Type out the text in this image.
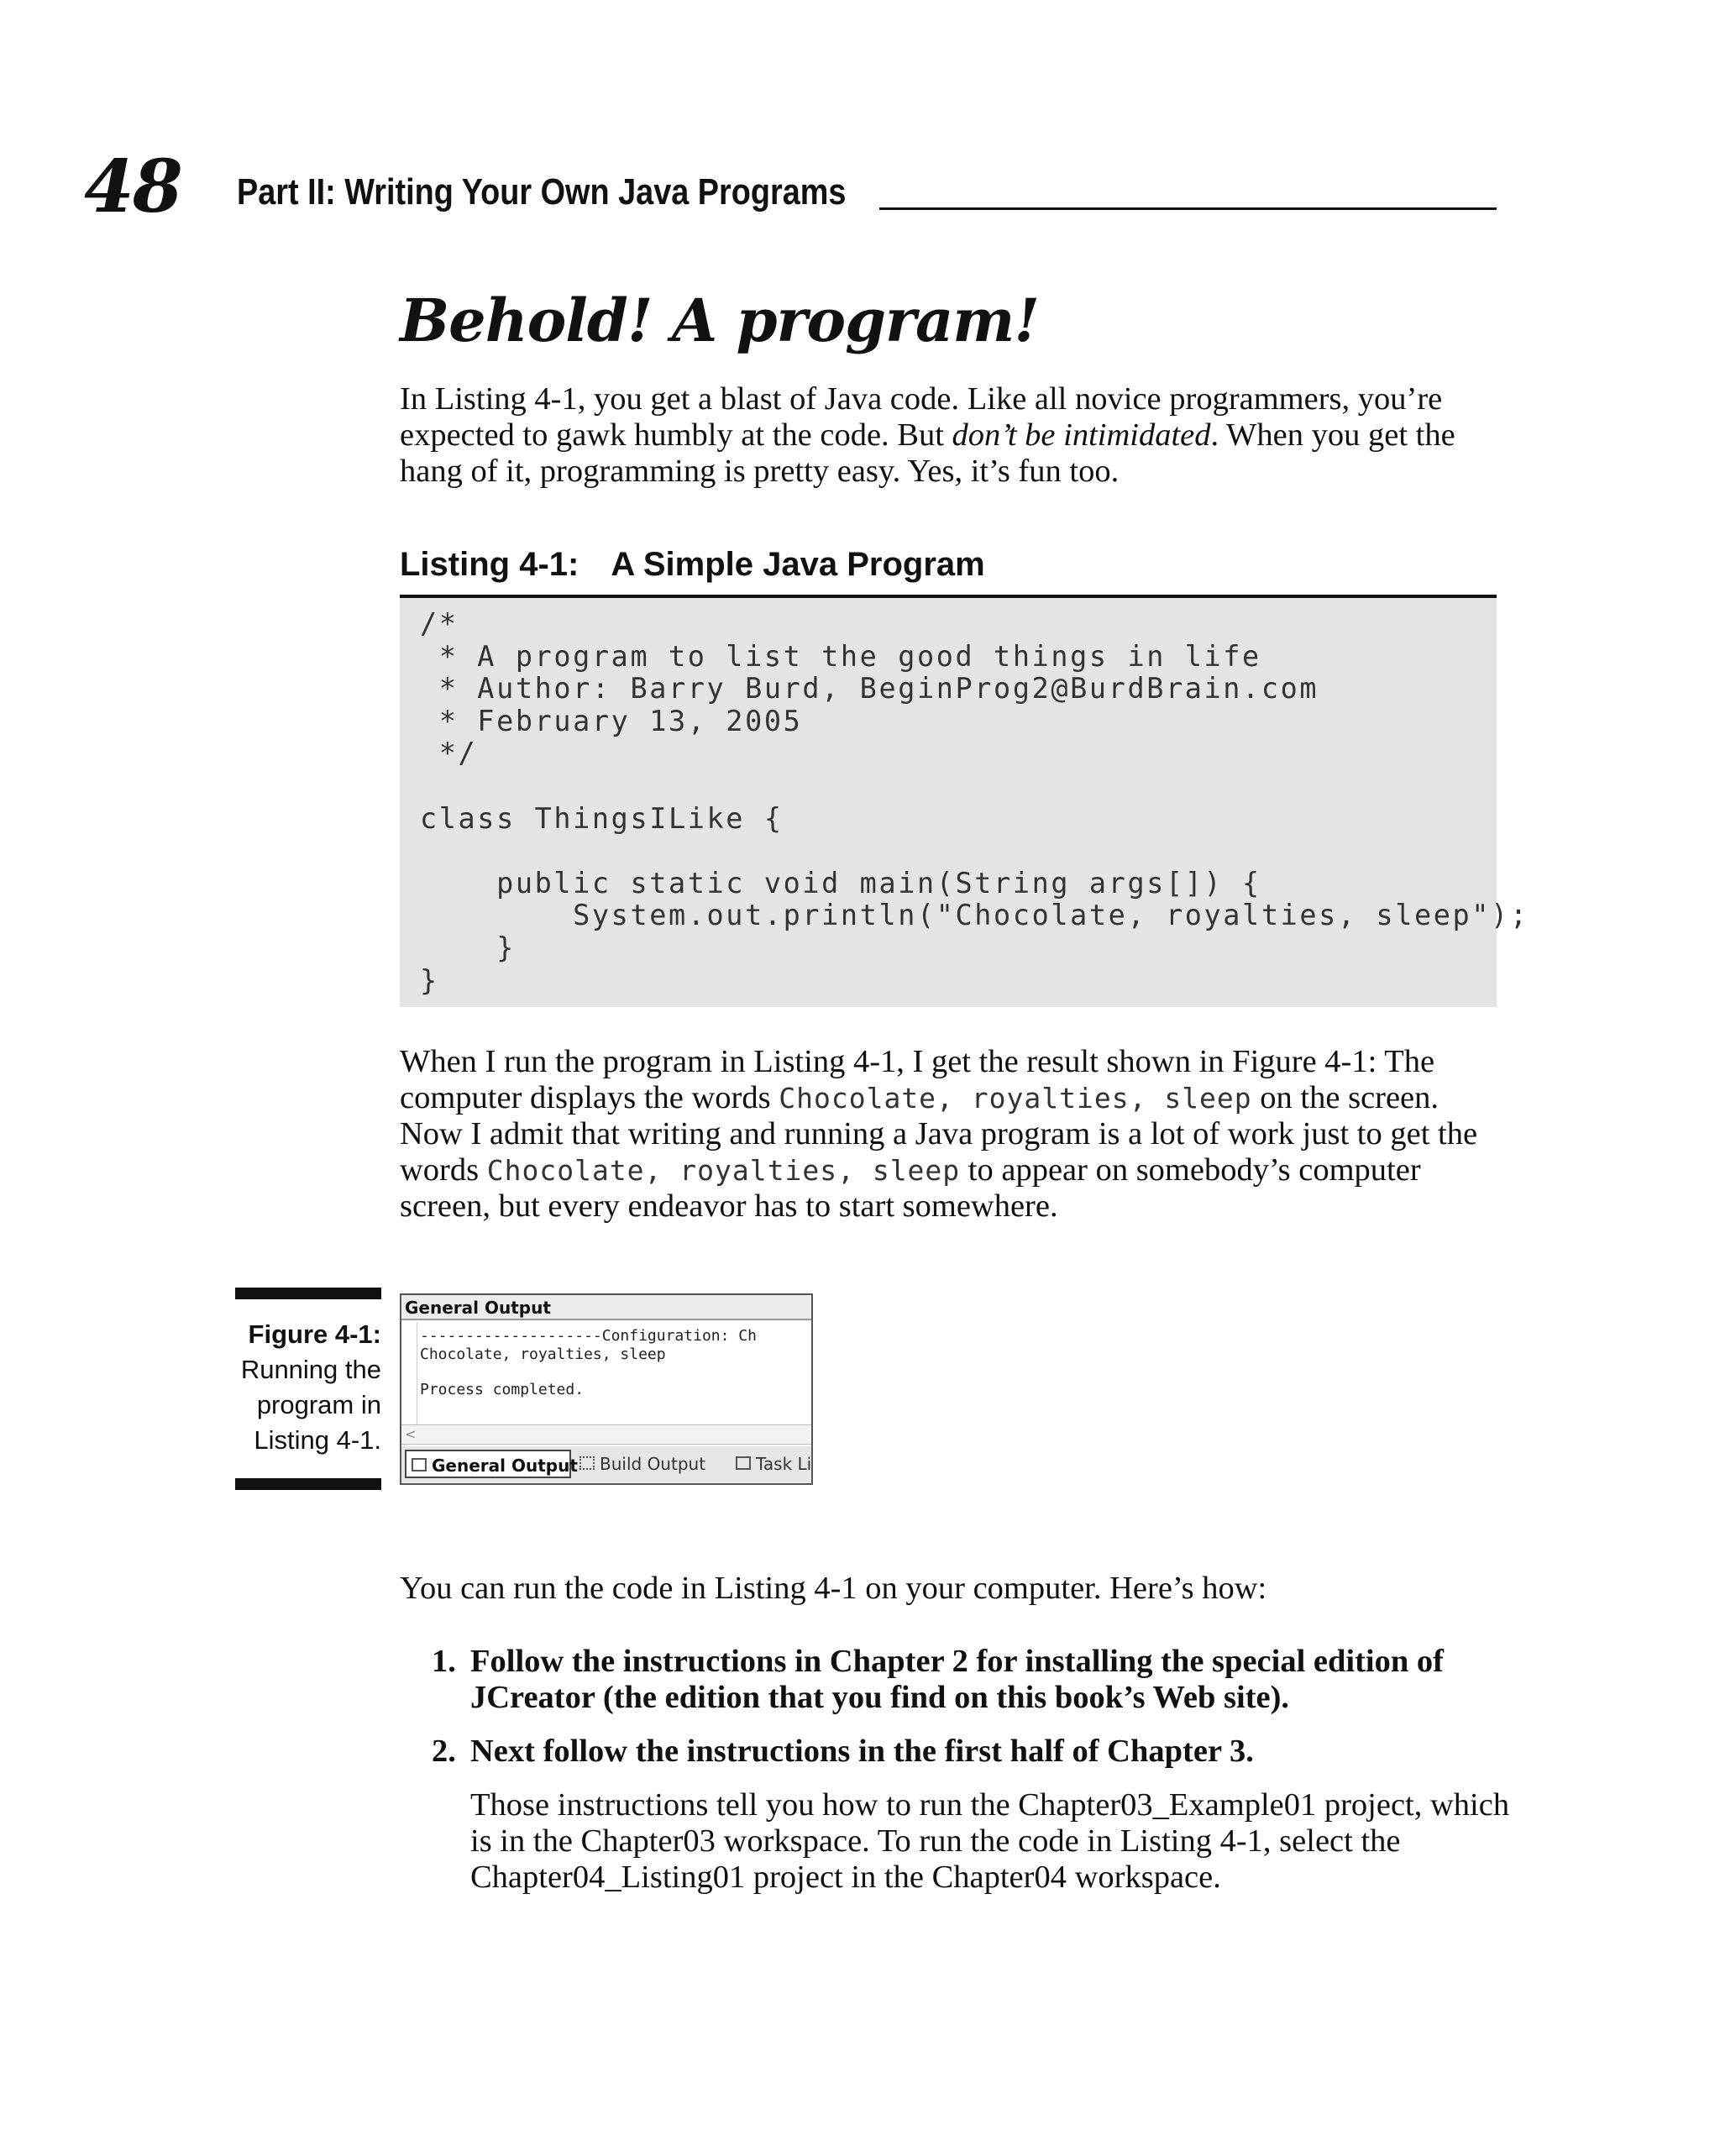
48 Part II: Writing Your Own Java Programs
Behold! A program!

In Listing 4-1, you get a blast of Java code. Like all novice programmers, you’re expected to gawk humbly at the code. But don’t be intimidated. When you get the hang of it, programming is pretty easy. Yes, it’s fun too.

Listing 4-1: A Simple Java Program
/*
* A program to list the good things in life
* Author: Barry Burd, BeginProg2@BurdBrain.com
* February 13, 2005
*/

class ThingsILike {

public static void main(String args[]) {
System.out.println("Chocolate, royalties, sleep");
}
}

When I run the program in Listing 4-1, I get the result shown in Figure 4-1: The computer displays the words Chocolate, royalties, sleep on the screen. Now I admit that writing and running a Java program is a lot of work just to get the words Chocolate, royalties, sleep to appear on somebody’s computer screen, but every endeavor has to start somewhere.

Figure 4-1:
Running the program in Listing 4-1.
General Output
--------------------Configuration: Ch
Chocolate, royalties, sleep
Process completed.
<
General Output	Build Output	Task Li

You can run the code in Listing 4-1 on your computer. Here’s how:

1. Follow the instructions in Chapter 2 for installing the special edition of JCreator (the edition that you find on this book’s Web site).
2. Next follow the instructions in the first half of Chapter 3.
Those instructions tell you how to run the Chapter03_Example01 project, which is in the Chapter03 workspace. To run the code in Listing 4-1, select the Chapter04_Listing01 project in the Chapter04 workspace.
